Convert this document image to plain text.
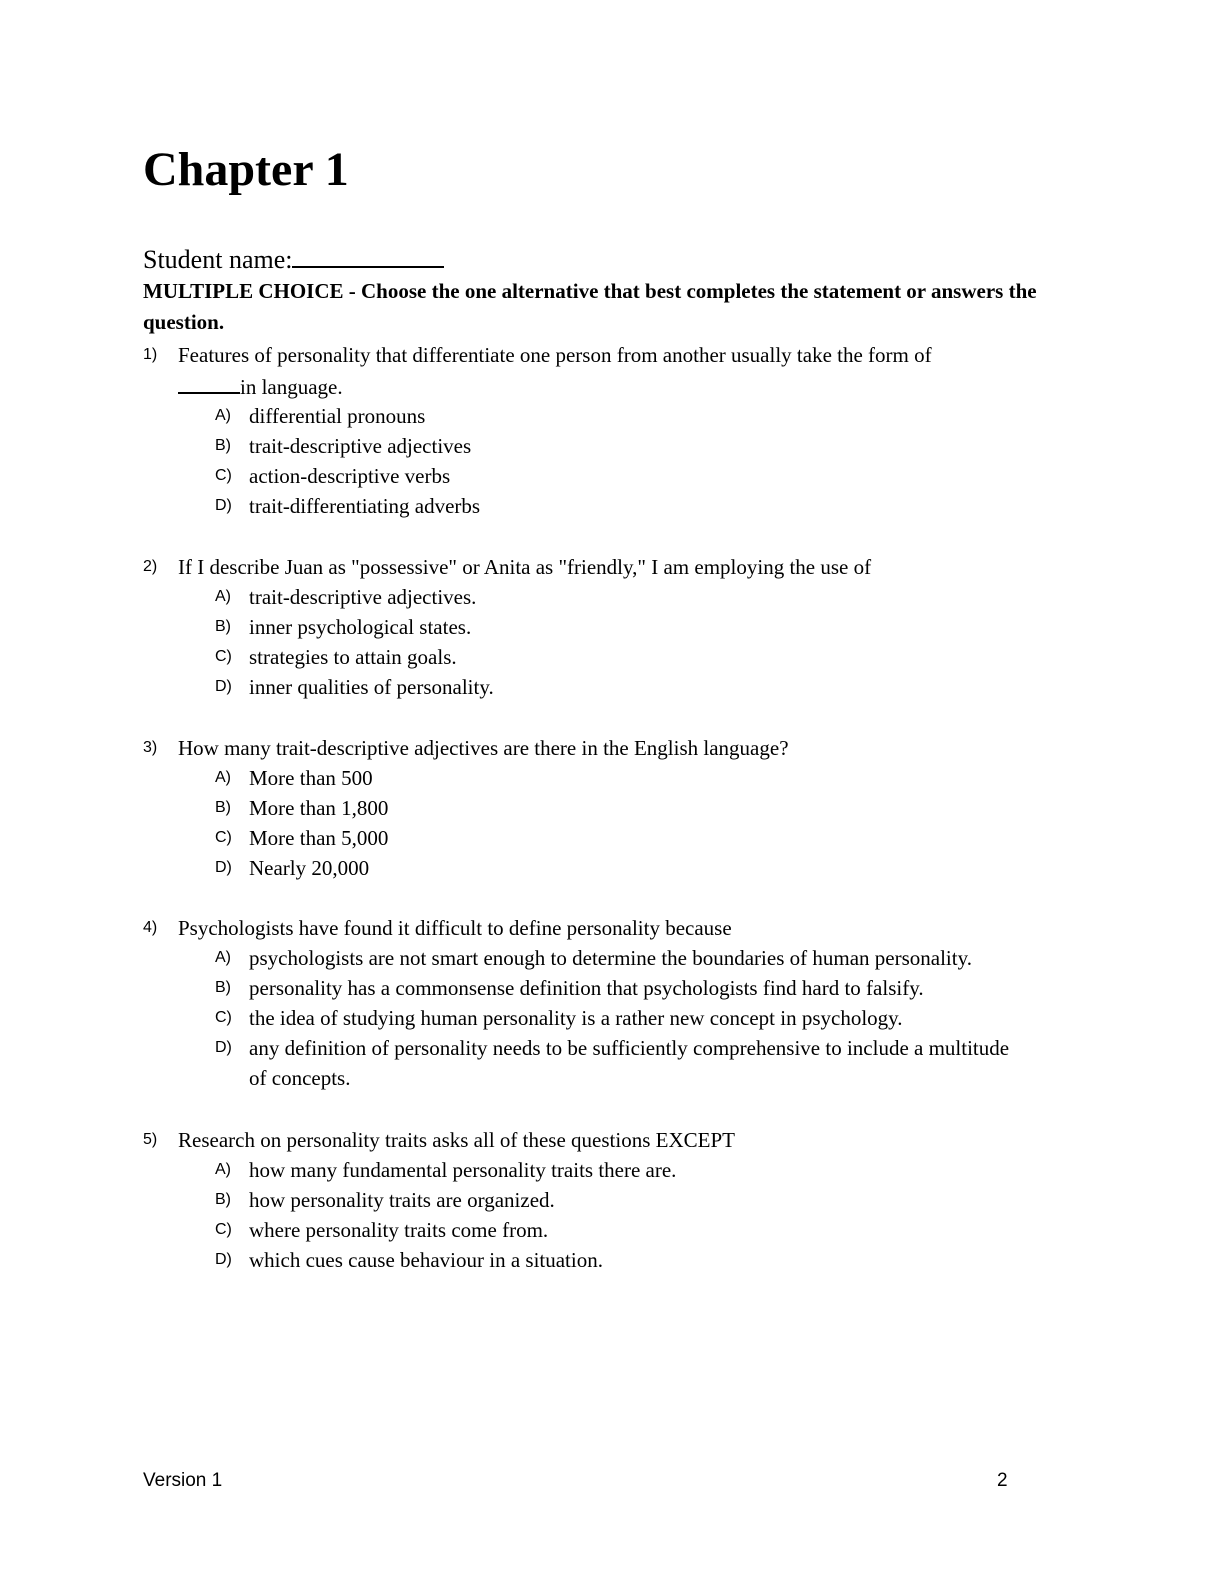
Chapter 1
Student name:
MULTIPLE CHOICE - Choose the one alternative that best completes the statement or answers the question.
1) Features of personality that differentiate one person from another usually take the form of
in language.
A) differential pronouns
B) trait-descriptive adjectives
C) action-descriptive verbs
D) trait-differentiating adverbs
2) If I describe Juan as "possessive" or Anita as "friendly," I am employing the use of
A) trait-descriptive adjectives.
B) inner psychological states.
C) strategies to attain goals.
D) inner qualities of personality.
3) How many trait-descriptive adjectives are there in the English language?
A) More than 500
B) More than 1,800
C) More than 5,000
D) Nearly 20,000
4) Psychologists have found it difficult to define personality because
A) psychologists are not smart enough to determine the boundaries of human personality.
B) personality has a commonsense definition that psychologists find hard to falsify.
C) the idea of studying human personality is a rather new concept in psychology.
D) any definition of personality needs to be sufficiently comprehensive to include a multitude of concepts.
5) Research on personality traits asks all of these questions EXCEPT
A) how many fundamental personality traits there are.
B) how personality traits are organized.
C) where personality traits come from.
D) which cues cause behaviour in a situation.
Version 1	2
